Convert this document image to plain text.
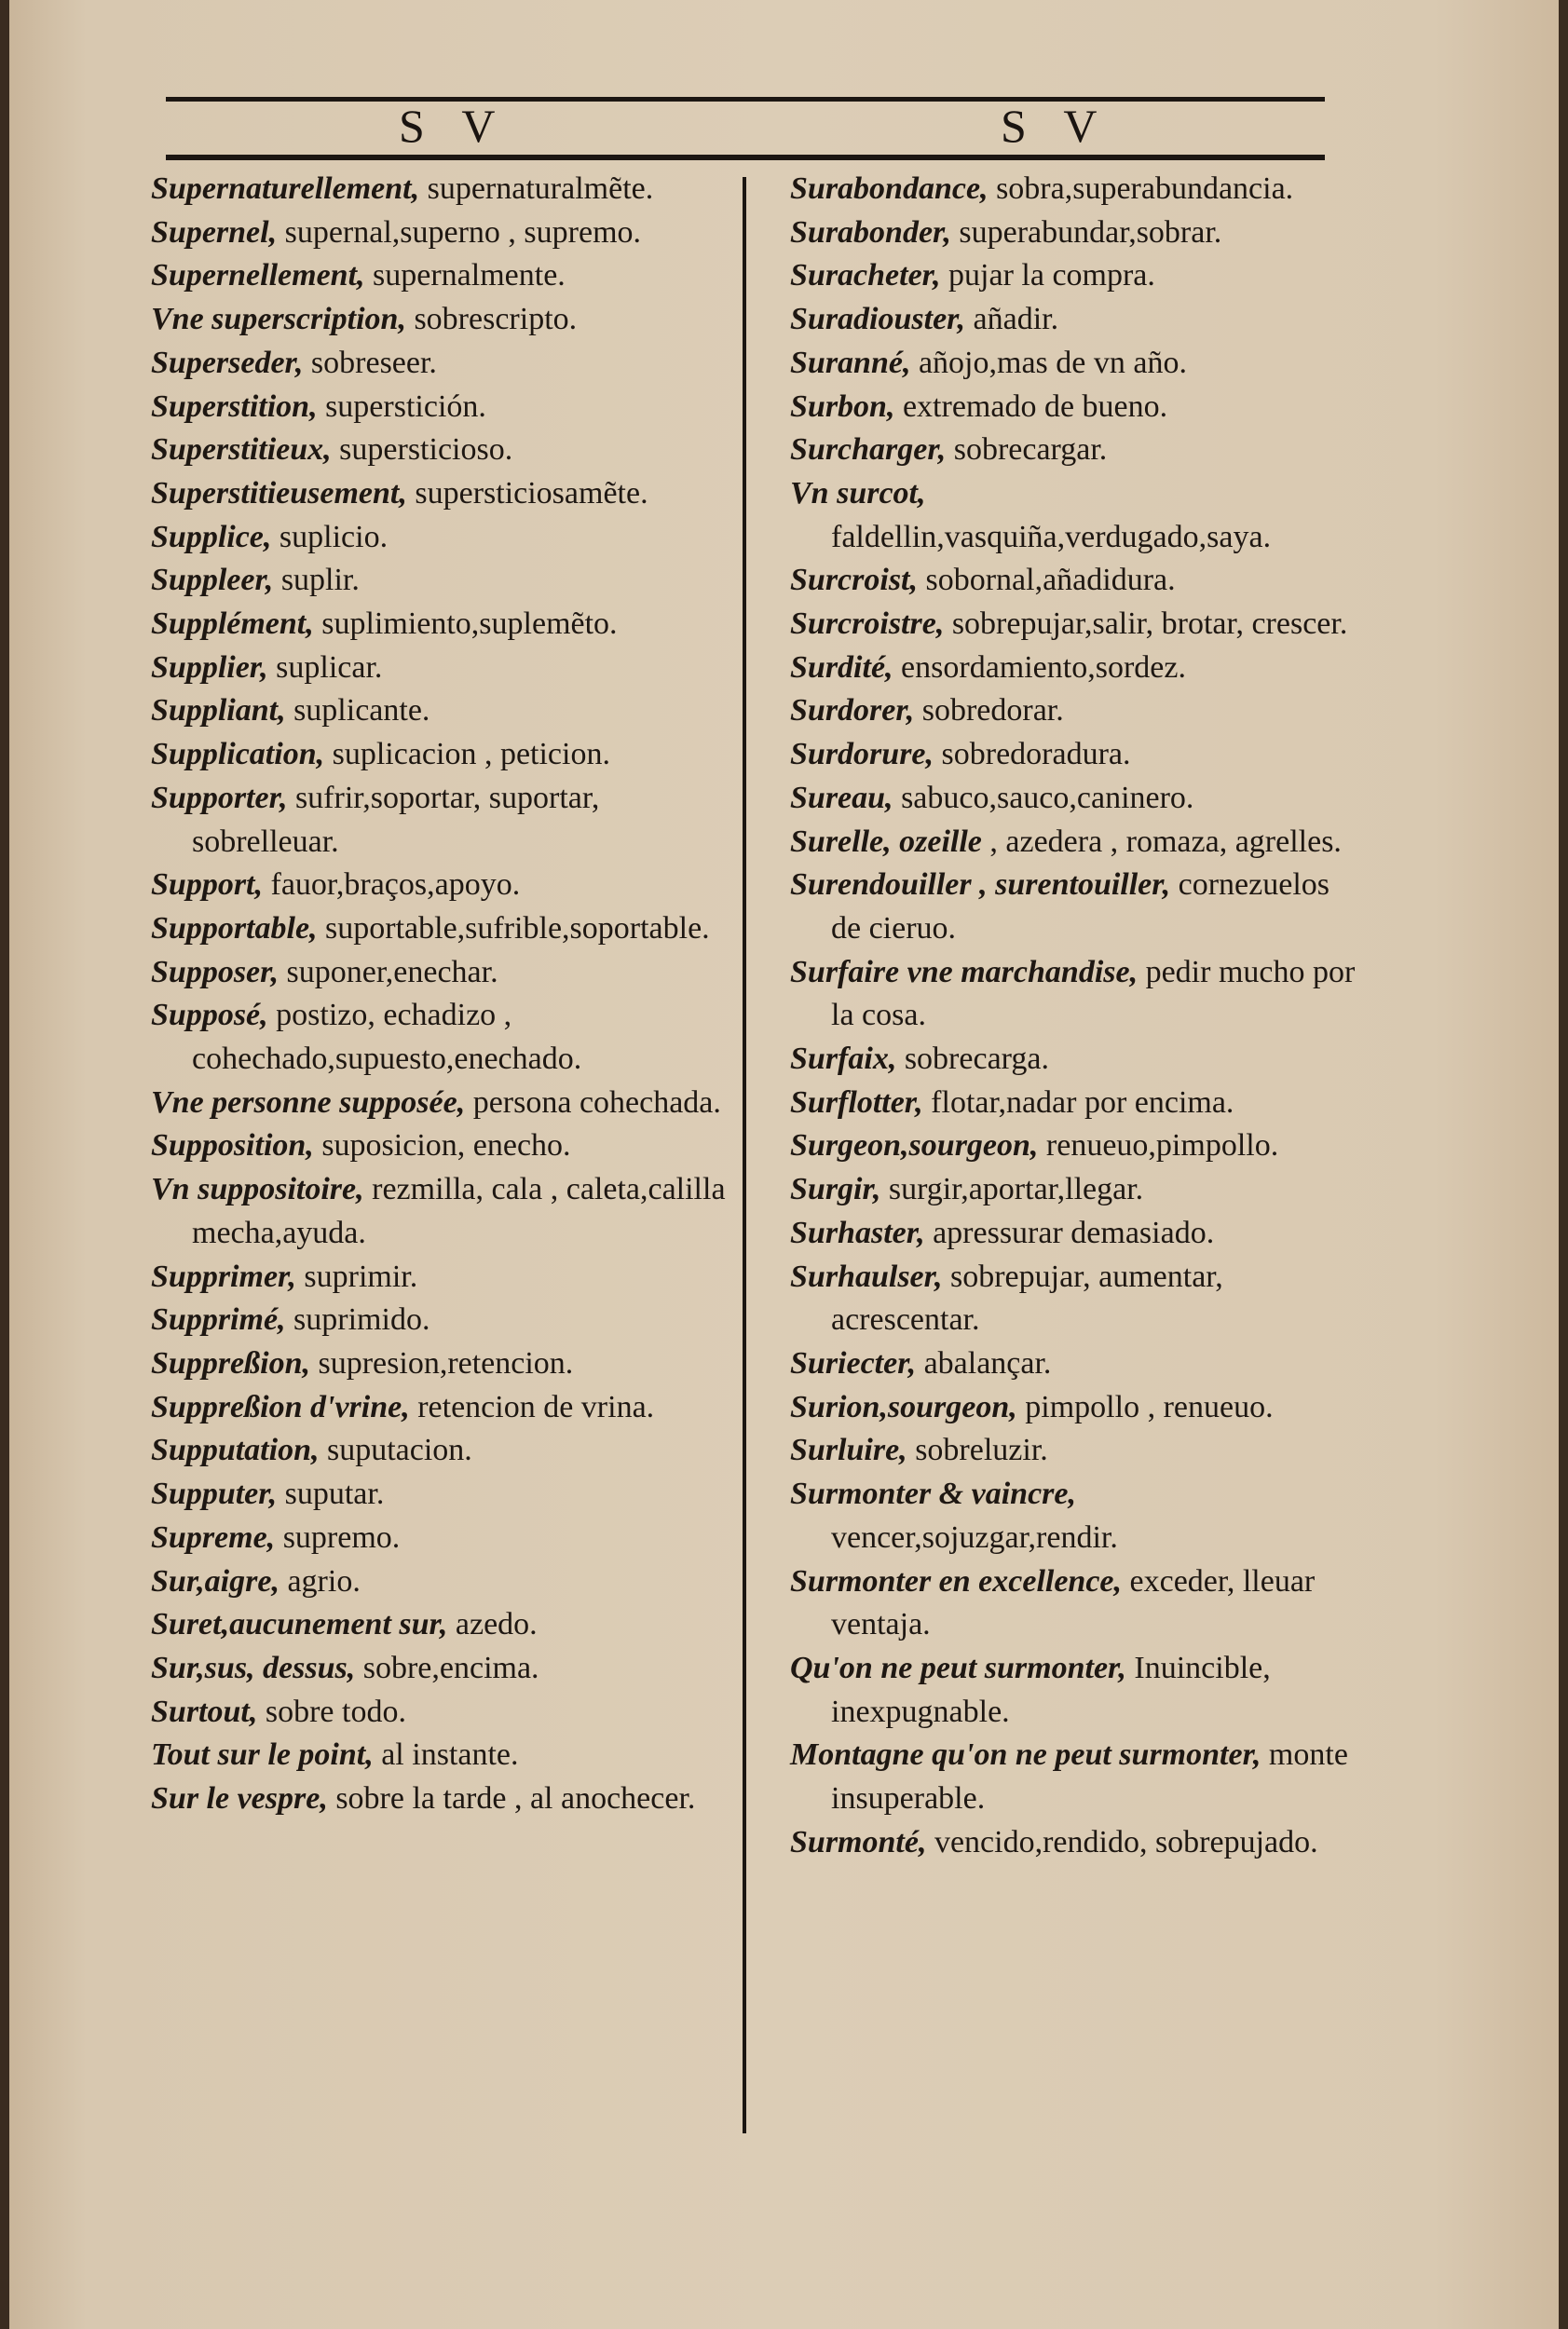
S V	S V
Supernaturellement, supernaturalmẽte.
Supernel, supernal,superno , supremo.
Supernellement, supernalmente.
Vne superscription, sobrescripto.
Superseder, sobreseer.
Superstition, superstición.
Superstitieux, supersticioso.
Superstitieusement, supersticiosamẽte.
Supplice, suplicio.
Suppleer, suplir.
Supplément, suplimiento,suplemẽto.
Supplier, suplicar.
Suppliant, suplicante.
Supplication, suplicacion , peticion.
Supporter, sufrir,soportar, suportar, sobrelleuar.
Support, fauor,braços,apoyo.
Supportable, suportable,sufrible,soportable.
Supposer, suponer,enechar.
Supposé, postizo, echadizo , cohechado,supuesto,enechado.
Vne personne supposée, persona cohechada.
Supposition, suposicion, enecho.
Vn suppositoire, rezmilla, cala , caleta,calilla mecha,ayuda.
Supprimer, suprimir.
Supprimé, suprimido.
Suppreßion, supresion,retencion.
Suppreßion d'vrine, retencion de vrina.
Supputation, suputacion.
Supputer, suputar.
Supreme, supremo.
Sur,aigre, agrio.
Suret,aucunement sur, azedo.
Sur,sus, dessus, sobre,encima.
Surtout, sobre todo.
Tout sur le point, al instante.
Sur le vespre, sobre la tarde , al anochecer.
Surabondance, sobra,superabundancia.
Surabonder, superabundar,sobrar.
Suracheter, pujar la compra.
Suradiouster, añadir.
Suranné, añojo,mas de vn año.
Surbon, extremado de bueno.
Surcharger, sobrecargar.
Vn surcot, faldellin,vasquiña,verdugado,saya.
Surcroist, sobornal,añadidura.
Surcroistre, sobrepujar,salir, brotar, crescer.
Surdité, ensordamiento,sordez.
Surdorer, sobredorar.
Surdorure, sobredoradura.
Sureau, sabuco,sauco,caninero.
Surelle, ozeille , azedera , romaza, agrelles.
Surendouiller , surentouiller, cornezuelos de cieruo.
Surfaire vne marchandise, pedir mucho por la cosa.
Surfaix, sobrecarga.
Surflotter, flotar,nadar por encima.
Surgeon,sourgeon, renueuo,pimpollo.
Surgir, surgir,aportar,llegar.
Surhaster, apressurar demasiado.
Surhaulser, sobrepujar, aumentar, acrescentar.
Suriecter, abalançar.
Surion,sourgeon, pimpollo , renueuo.
Surluire, sobreluzir.
Surmonter & vaincre, vencer,sojuzgar,rendir.
Surmonter en excellence, exceder, lleuar ventaja.
Qu'on ne peut surmonter, Inuincible, inexpugnable.
Montagne qu'on ne peut surmonter, monte insuperable.
Surmonté, vencido,rendido, sobrepujado.
